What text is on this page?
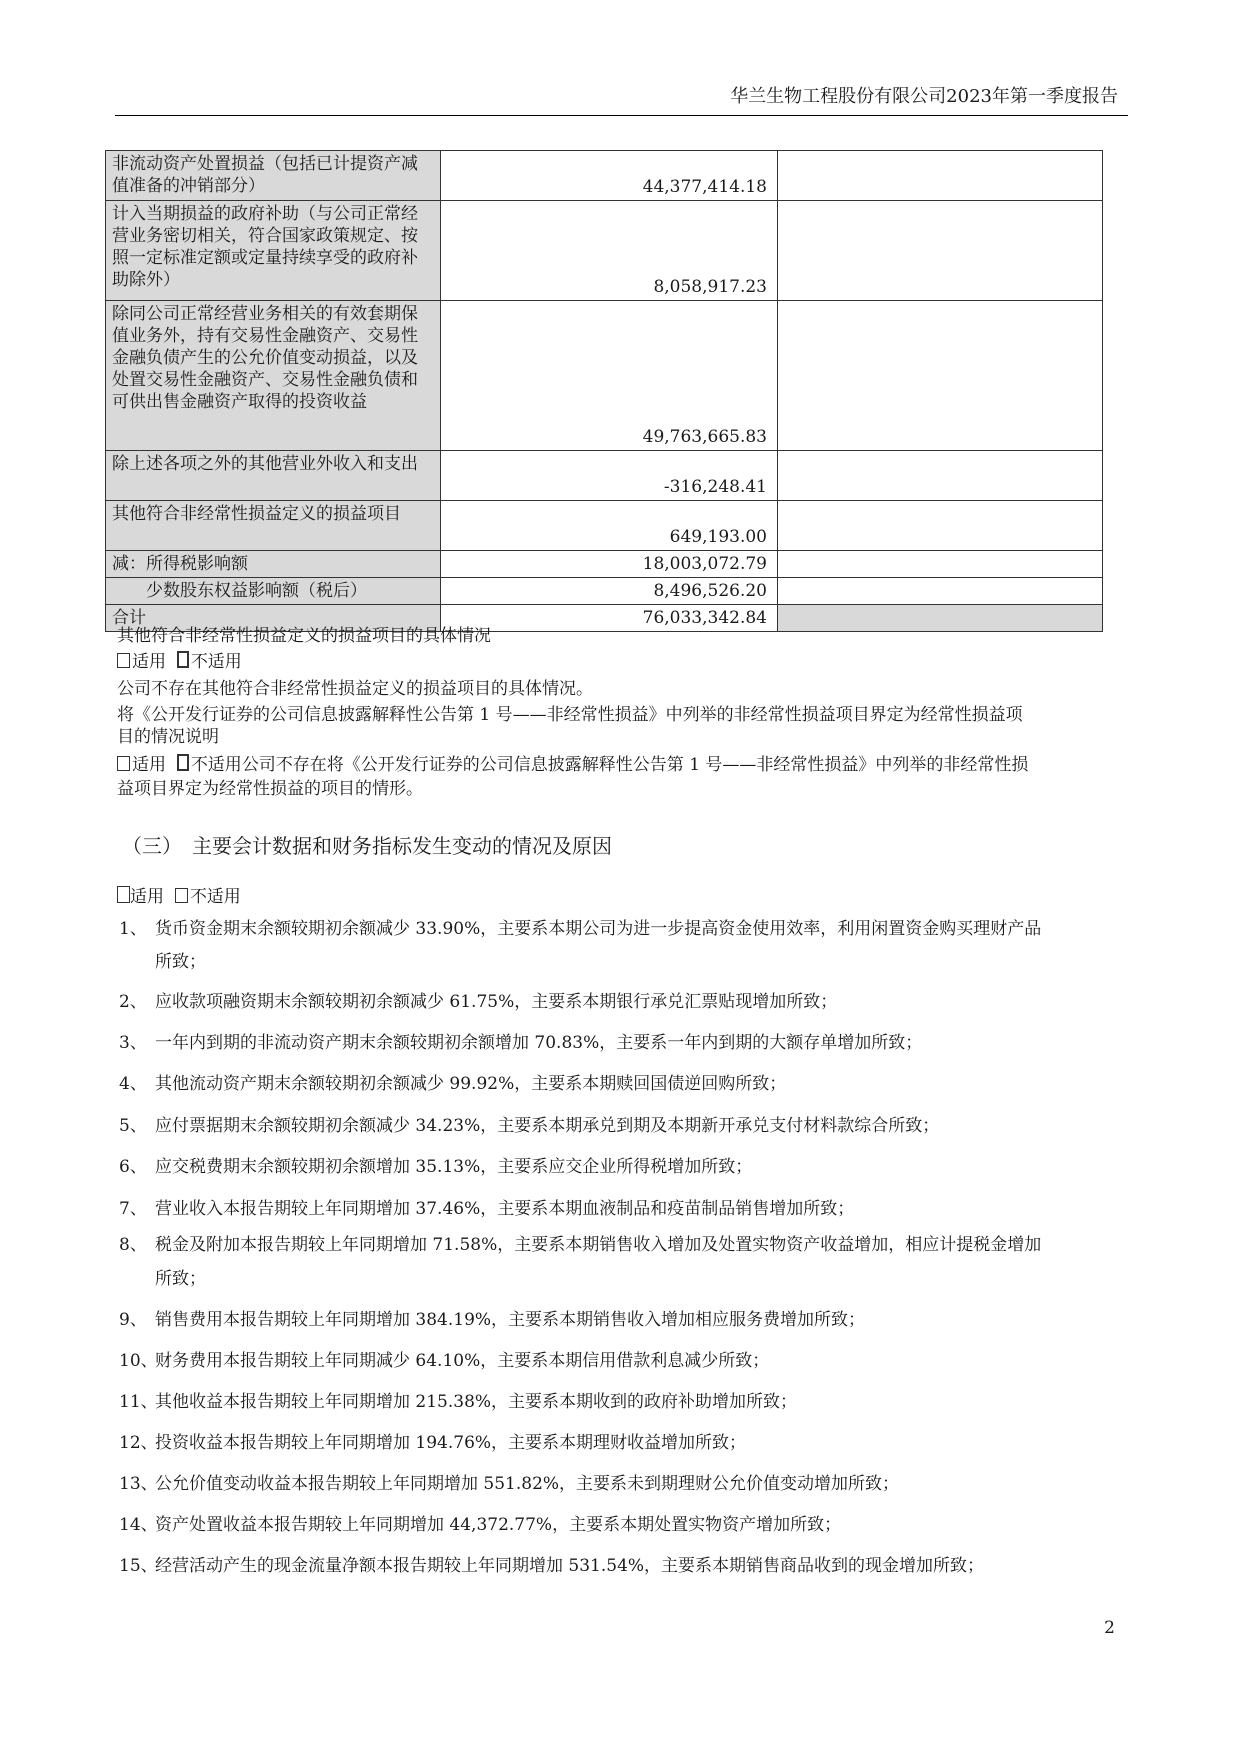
华兰生物工程股份有限公司2023年第一季度报告
非流动资产处置损益（包括已计提资产减值准备的冲销部分）	44,377,414.18	
计入当期损益的政府补助（与公司正常经营业务密切相关，符合国家政策规定、按照一定标准定额或定量持续享受的政府补助除外）	8,058,917.23	
除同公司正常经营业务相关的有效套期保值业务外，持有交易性金融资产、交易性金融负债产生的公允价值变动损益，以及处置交易性金融资产、交易性金融负债和可供出售金融资产取得的投资收益	49,763,665.83	
除上述各项之外的其他营业外收入和支出	-316,248.41	
其他符合非经常性损益定义的损益项目	649,193.00	
减：所得税影响额	18,003,072.79	
　　少数股东权益影响额（税后）	8,496,526.20	
合计	76,033,342.84	
其他符合非经常性损益定义的损益项目的具体情况
适用 不适用
公司不存在其他符合非经常性损益定义的损益项目的具体情况。
将《公开发行证券的公司信息披露解释性公告第 1 号——非经常性损益》中列举的非经常性损益项目界定为经常性损益项
目的情况说明
适用 不适用公司不存在将《公开发行证券的公司信息披露解释性公告第 1 号——非经常性损益》中列举的非经常性损
益项目界定为经常性损益的项目的情形。
（三）　主要会计数据和财务指标发生变动的情况及原因
适用 不适用
1、 货币资金期末余额较期初余额减少 33.90%，主要系本期公司为进一步提高资金使用效率，利用闲置资金购买理财产品
所致；
2、 应收款项融资期末余额较期初余额减少 61.75%，主要系本期银行承兑汇票贴现增加所致；
3、 一年内到期的非流动资产期末余额较期初余额增加 70.83%，主要系一年内到期的大额存单增加所致；
4、 其他流动资产期末余额较期初余额减少 99.92%，主要系本期赎回国债逆回购所致；
5、 应付票据期末余额较期初余额减少 34.23%，主要系本期承兑到期及本期新开承兑支付材料款综合所致；
6、 应交税费期末余额较期初余额增加 35.13%，主要系应交企业所得税增加所致；
7、 营业收入本报告期较上年同期增加 37.46%，主要系本期血液制品和疫苗制品销售增加所致；
8、 税金及附加本报告期较上年同期增加 71.58%，主要系本期销售收入增加及处置实物资产收益增加，相应计提税金增加
所致；
9、 销售费用本报告期较上年同期增加 384.19%，主要系本期销售收入增加相应服务费增加所致；
10、财务费用本报告期较上年同期减少 64.10%，主要系本期信用借款利息减少所致；
11、其他收益本报告期较上年同期增加 215.38%，主要系本期收到的政府补助增加所致；
12、投资收益本报告期较上年同期增加 194.76%，主要系本期理财收益增加所致；
13、公允价值变动收益本报告期较上年同期增加 551.82%，主要系未到期理财公允价值变动增加所致；
14、资产处置收益本报告期较上年同期增加 44,372.77%，主要系本期处置实物资产增加所致；
15、经营活动产生的现金流量净额本报告期较上年同期增加 531.54%，主要系本期销售商品收到的现金增加所致；
2
